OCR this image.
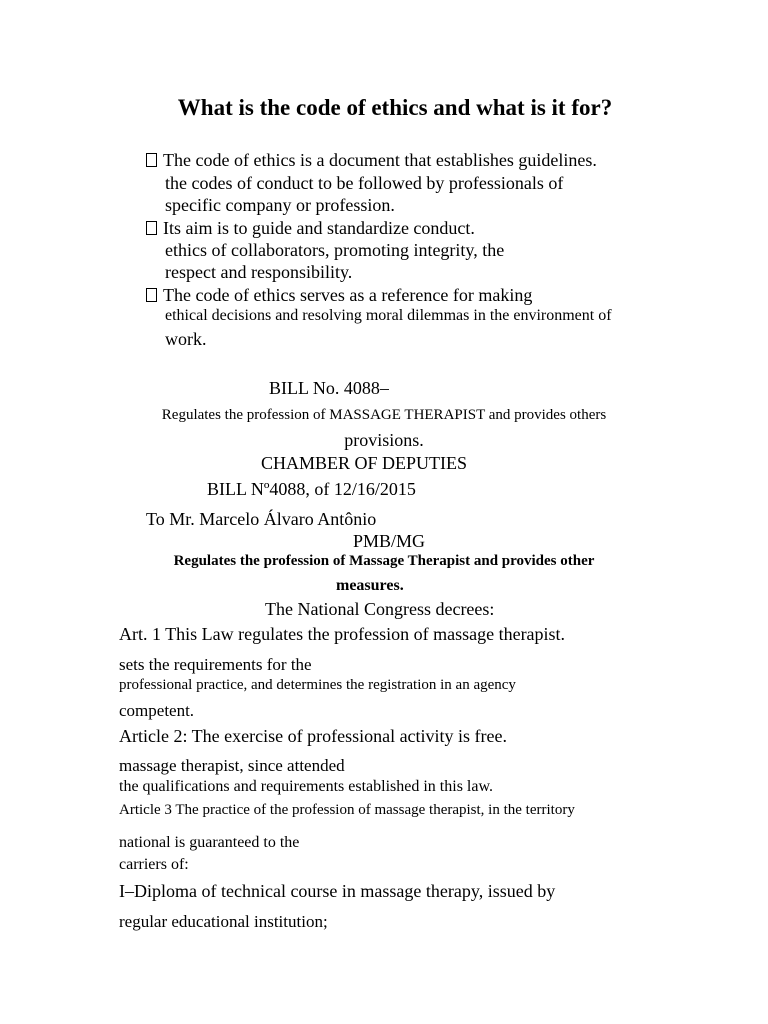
What is the code of ethics and what is it for?
The code of ethics is a document that establishes guidelines.
the codes of conduct to be followed by professionals of
specific company or profession.
Its aim is to guide and standardize conduct.
ethics of collaborators, promoting integrity, the
respect and responsibility.
The code of ethics serves as a reference for making
ethical decisions and resolving moral dilemmas in the environment of
work.
BILL No. 4088–
Regulates the profession of MASSAGE THERAPIST and provides others
provisions.
CHAMBER OF DEPUTIES
BILL Nº4088, of 12/16/2015
To Mr. Marcelo Álvaro Antônio
PMB/MG
Regulates the profession of Massage Therapist and provides other
measures.
The National Congress decrees:
Art. 1 This Law regulates the profession of massage therapist.
sets the requirements for the
professional practice, and determines the registration in an agency
competent.
Article 2: The exercise of professional activity is free.
massage therapist, since attended
the qualifications and requirements established in this law.
Article 3 The practice of the profession of massage therapist, in the territory
national is guaranteed to the
carriers of:
I–Diploma of technical course in massage therapy, issued by
regular educational institution;
